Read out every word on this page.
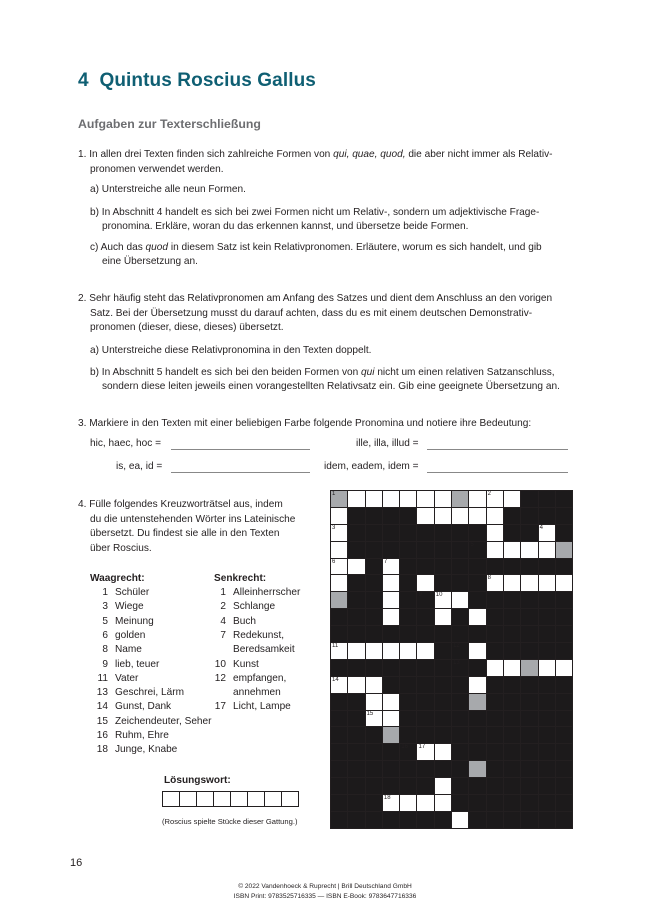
4 Quintus Roscius Gallus
Aufgaben zur Texterschließung
1. In allen drei Texten finden sich zahlreiche Formen von qui, quae, quod, die aber nicht immer als Relativ-
pronomen verwendet werden.
a) Unterstreiche alle neun Formen.
b) In Abschnitt 4 handelt es sich bei zwei Formen nicht um Relativ-, sondern um adjektivische Frage-
pronomina. Erkläre, woran du das erkennen kannst, und übersetze beide Formen.
c) Auch das quod in diesem Satz ist kein Relativpronomen. Erläutere, worum es sich handelt, und gib
eine Übersetzung an.
2. Sehr häufig steht das Relativpronomen am Anfang des Satzes und dient dem Anschluss an den vorigen
Satz. Bei der Übersetzung musst du darauf achten, dass du es mit einem deutschen Demonstrativ-
pronomen (dieser, diese, dieses) übersetzt.
a) Unterstreiche diese Relativpronomina in den Texten doppelt.
b) In Abschnitt 5 handelt es sich bei den beiden Formen von qui nicht um einen relativen Satzanschluss,
sondern diese leiten jeweils einen vorangestellten Relativsatz ein. Gib eine geeignete Übersetzung an.
3. Markiere in den Texten mit einer beliebigen Farbe folgende Pronomina und notiere ihre Bedeutung:
hic, haec, hoc =	ille, illa, illud =
is, ea, id =	idem, eadem, idem =
4. Fülle folgendes Kreuzworträtsel aus, indem
du die untenstehenden Wörter ins Lateinische
übersetzt. Du findest sie alle in den Texten
über Roscius.
Waagrecht:
1 Schüler
3 Wiege
5 Meinung
6 golden
8 Name
9 lieb, teuer
11 Vater
13 Geschrei, Lärm
14 Gunst, Dank
15 Zeichendeuter, Seher
16 Ruhm, Ehre
18 Junge, Knabe
Senkrecht:
1 Alleinherrscher
2 Schlange
4 Buch
7 Redekunst,
Beredsamkeit
10 Kunst
12 empfangen,
annehmen
17 Licht, Lampe
Lösungswort:
(Roscius spielte Stücke dieser Gattung.)
1	2
3	4
5
6	7
8
9 10
11	12
13
14
15
16 17
18
16
© 2022 Vandenhoeck & Ruprecht | Brill Deutschland GmbH
ISBN Print: 9783525716335 — ISBN E-Book: 9783647716336
